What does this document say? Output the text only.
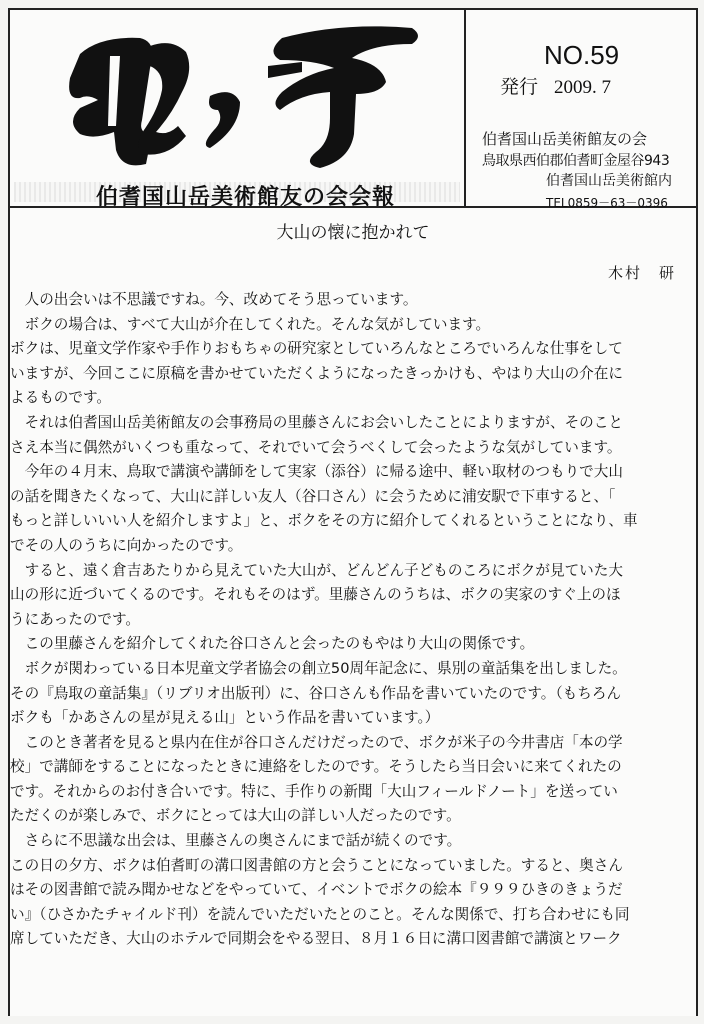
伯耆国山岳美術館友の会会報
NO.59
発行 2009. 7
伯耆国山岳美術館友の会
鳥取県西伯郡伯耆町金屋谷943
伯耆国山岳美術館内
TEL0859－63－0396
大山の懐に抱かれて
木村　研

　人の出会いは不思議ですね。今、改めてそう思っています。

　ボクの場合は、すべて大山が介在してくれた。そんな気がしています。

ボクは、児童文学作家や手作りおもちゃの研究家としていろんなところでいろんな仕事をして

いますが、今回ここに原稿を書かせていただくようになったきっかけも、やはり大山の介在に

よるものです。

　それは伯耆国山岳美術館友の会事務局の里藤さんにお会いしたことによりますが、そのこと

さえ本当に偶然がいくつも重なって、それでいて会うべくして会ったような気がしています。

　今年の４月末、鳥取で講演や講師をして実家（添谷）に帰る途中、軽い取材のつもりで大山

の話を聞きたくなって、大山に詳しい友人（谷口さん）に会うために浦安駅で下車すると、「

もっと詳しいいい人を紹介しますよ」と、ボクをその方に紹介してくれるということになり、車

でその人のうちに向かったのです。

　すると、遠く倉吉あたりから見えていた大山が、どんどん子どものころにボクが見ていた大

山の形に近づいてくるのです。それもそのはず。里藤さんのうちは、ボクの実家のすぐ上のほ

うにあったのです。

　この里藤さんを紹介してくれた谷口さんと会ったのもやはり大山の関係です。

　ボクが関わっている日本児童文学者協会の創立50周年記念に、県別の童話集を出しました。

その『鳥取の童話集』（リブリオ出版刊）に、谷口さんも作品を書いていたのです。（もちろん

ボクも「かあさんの星が見える山」という作品を書いています。）

　このとき著者を見ると県内在住が谷口さんだけだったので、ボクが米子の今井書店「本の学

校」で講師をすることになったときに連絡をしたのです。そうしたら当日会いに来てくれたの

です。それからのお付き合いです。特に、手作りの新聞「大山フィールドノート」を送ってい

ただくのが楽しみで、ボクにとっては大山の詳しい人だったのです。

　さらに不思議な出会は、里藤さんの奥さんにまで話が続くのです。

この日の夕方、ボクは伯耆町の溝口図書館の方と会うことになっていました。すると、奥さん

はその図書館で読み聞かせなどをやっていて、イベントでボクの絵本『９９９ひきのきょうだ

い』（ひさかたチャイルド刊）を読んでいただいたとのこと。そんな関係で、打ち合わせにも同

席していただき、大山のホテルで同期会をやる翌日、８月１６日に溝口図書館で講演とワーク
